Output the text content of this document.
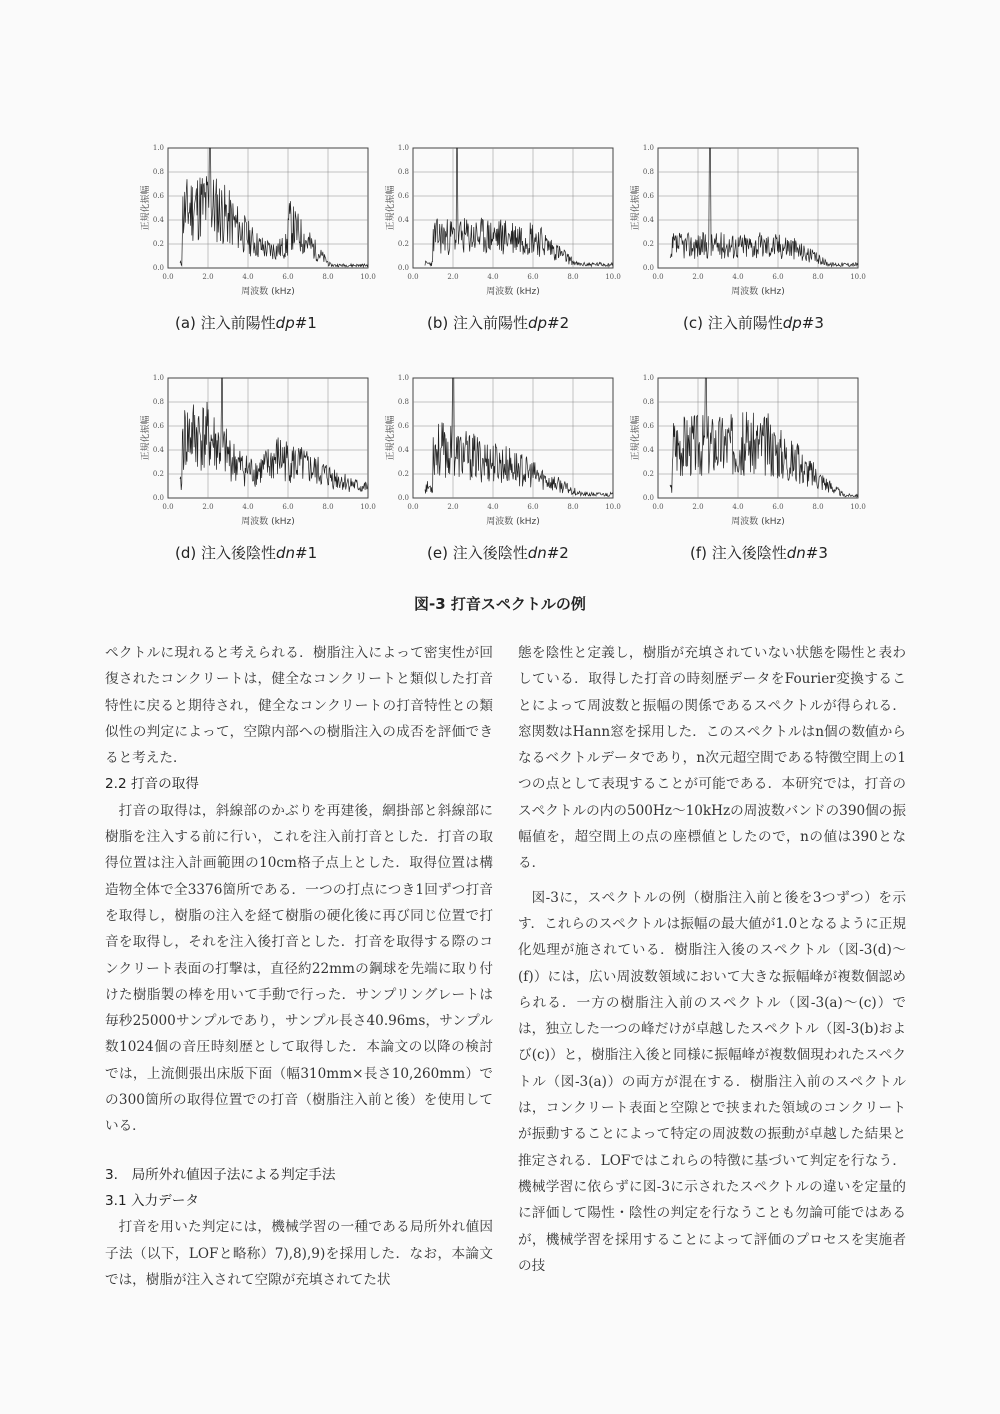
0.0
0.2
0.4
0.6
0.8
1.0
0.0	2.0	4.0	6.0	8.0	10.0
周波数 (kHz)
正規化振幅
(a) 注入前陽性dp#1
0.0
0.2
0.4
0.6
0.8
1.0
0.0	2.0	4.0	6.0	8.0	10.0
周波数 (kHz)
正規化振幅
(b) 注入前陽性dp#2
0.0
0.2
0.4
0.6
0.8
1.0
0.0	2.0	4.0	6.0	8.0	10.0
周波数 (kHz)
正規化振幅
(c) 注入前陽性dp#3
0.0
0.2
0.4
0.6
0.8
1.0
0.0	2.0	4.0	6.0	8.0	10.0
周波数 (kHz)
正規化振幅
(d) 注入後陰性dn#1
0.0
0.2
0.4
0.6
0.8
1.0
0.0	2.0	4.0	6.0	8.0	10.0
周波数 (kHz)
正規化振幅
(e) 注入後陰性dn#2
0.0
0.2
0.4
0.6
0.8
1.0
0.0	2.0	4.0	6.0	8.0	10.0
周波数 (kHz)
正規化振幅
(f) 注入後陰性dn#3
図-3 打音スペクトルの例

ペクトルに現れると考えられる．樹脂注入によって密実性が回復されたコンクリートは，健全なコンクリートと類似した打音特性に戻ると期待され，健全なコンクリートの打音特性との類似性の判定によって，空隙内部への樹脂注入の成否を評価できると考えた．

2.2 打音の取得

打音の取得は，斜線部のかぶりを再建後，網掛部と斜線部に樹脂を注入する前に行い，これを注入前打音とした．打音の取得位置は注入計画範囲の10cm格子点上とした．取得位置は構造物全体で全3376箇所である．一つの打点につき1回ずつ打音を取得し，樹脂の注入を経て樹脂の硬化後に再び同じ位置で打音を取得し，それを注入後打音とした．打音を取得する際のコンクリート表面の打撃は，直径約22mmの鋼球を先端に取り付けた樹脂製の棒を用いて手動で行った．サンプリングレートは毎秒25000サンプルであり，サンプル長さ40.96ms，サンプル数1024個の音圧時刻歴として取得した．本論文の以降の検討では，上流側張出床版下面（幅310mm×長さ10,260mm）での300箇所の取得位置での打音（樹脂注入前と後）を使用している．

3.　局所外れ値因子法による判定手法
3.1 入力データ

打音を用いた判定には，機械学習の一種である局所外れ値因子法（以下，LOFと略称）7),8),9)を採用した．なお，本論文では，樹脂が注入されて空隙が充填されてた状

態を陰性と定義し，樹脂が充填されていない状態を陽性と表わしている．取得した打音の時刻歴データをFourier変換することによって周波数と振幅の関係であるスペクトルが得られる．窓関数はHann窓を採用した．このスペクトルはn個の数値からなるベクトルデータであり，n次元超空間である特徴空間上の1つの点として表現することが可能である．本研究では，打音のスペクトルの内の500Hz〜10kHzの周波数バンドの390個の振幅値を，超空間上の点の座標値としたので，nの値は390となる．

図-3に，スペクトルの例（樹脂注入前と後を3つずつ）を示す．これらのスペクトルは振幅の最大値が1.0となるように正規化処理が施されている．樹脂注入後のスペクトル（図-3(d)〜(f)）には，広い周波数領域において大きな振幅峰が複数個認められる．一方の樹脂注入前のスペクトル（図-3(a)〜(c)）では，独立した一つの峰だけが卓越したスペクトル（図-3(b)および(c)）と，樹脂注入後と同様に振幅峰が複数個現われたスペクトル（図-3(a)）の両方が混在する．樹脂注入前のスペクトルは，コンクリート表面と空隙とで挟まれた領域のコンクリートが振動することによって特定の周波数の振動が卓越した結果と推定される．LOFではこれらの特徴に基づいて判定を行なう．機械学習に依らずに図-3に示されたスペクトルの違いを定量的に評価して陽性・陰性の判定を行なうことも勿論可能ではあるが，機械学習を採用することによって評価のプロセスを実施者の技
